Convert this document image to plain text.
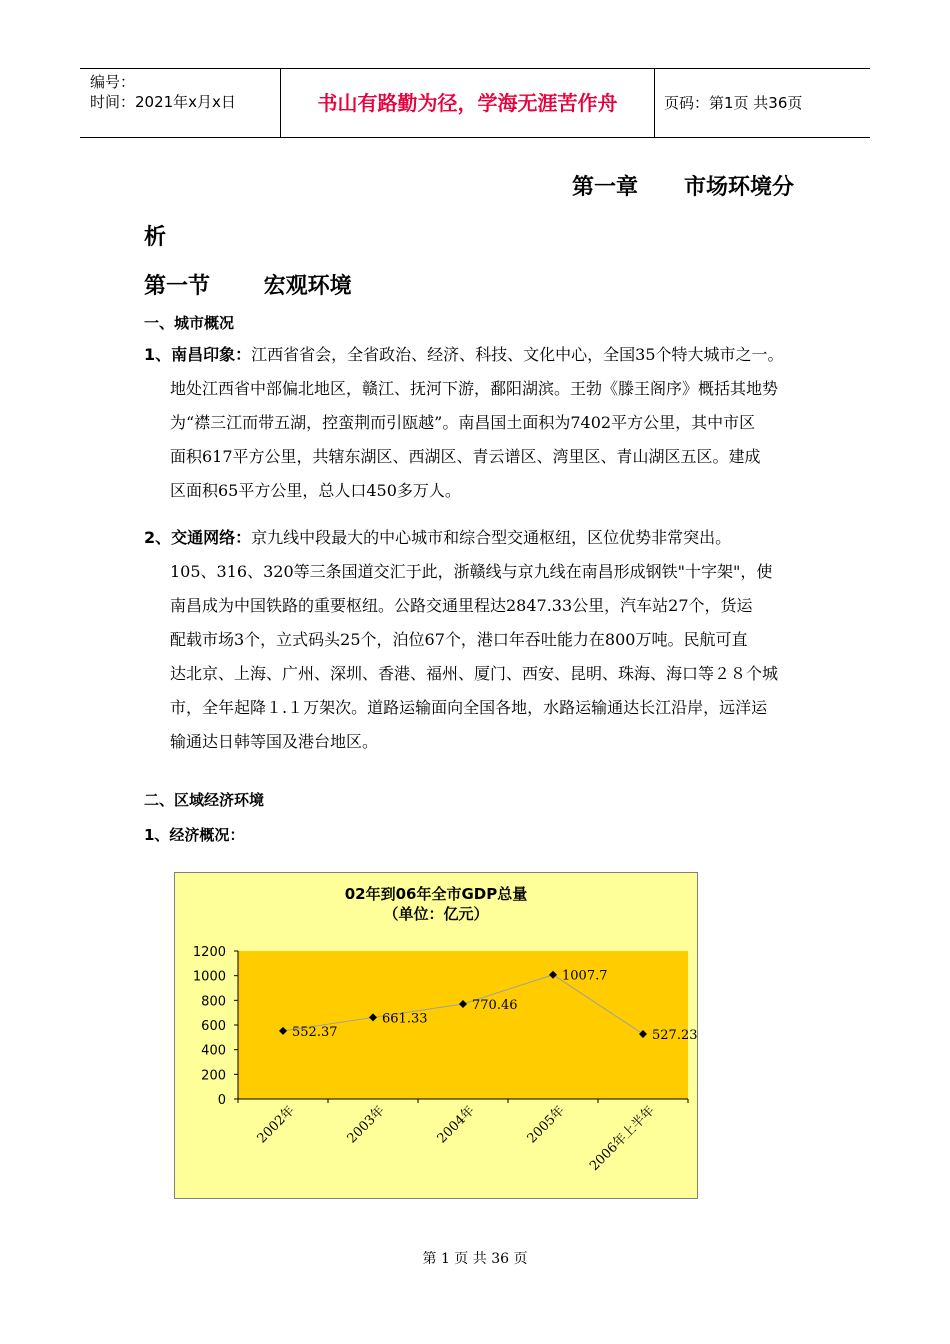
编号：
时间：2021年x月x日	书山有路勤为径，学海无涯苦作舟	页码：第1页 共36页
第一章      市场环境分
析
第一节       宏观环境
一、城市概况
1、南昌印象：江西省省会，全省政治、经济、科技、文化中心，全国35个特大城市之一。
地处江西省中部偏北地区，赣江、抚河下游，鄱阳湖滨。王勃《滕王阁序》概括其地势
为“襟三江而带五湖，控蛮荆而引瓯越”。南昌国土面积为7402平方公里，其中市区
面积617平方公里，共辖东湖区、西湖区、青云谱区、湾里区、青山湖区五区。建成
区面积65平方公里，总人口450多万人。
2、交通网络：京九线中段最大的中心城市和综合型交通枢纽，区位优势非常突出。
105、316、320等三条国道交汇于此，浙赣线与京九线在南昌形成钢铁"十字架"，使
南昌成为中国铁路的重要枢纽。公路交通里程达2847.33公里，汽车站27个，货运
配载市场3个，立式码头25个，泊位67个，港口年吞吐能力在800万吨。民航可直
达北京、上海、广州、深圳、香港、福州、厦门、西安、昆明、珠海、海口等２８个城
市，全年起降１.１万架次。道路运输面向全国各地，水路运输通达长江沿岸，远洋运
输通达日韩等国及港台地区。
二、区域经济环境
1、经济概况：
02年到06年全市GDP总量
（单位：亿元）
0
200
400
600
800
1000
1200
2002年	2003年	2004年	2005年 2006年上半年
552.37
661.33
770.46
1007.7
527.23
第 1 页 共 36 页
